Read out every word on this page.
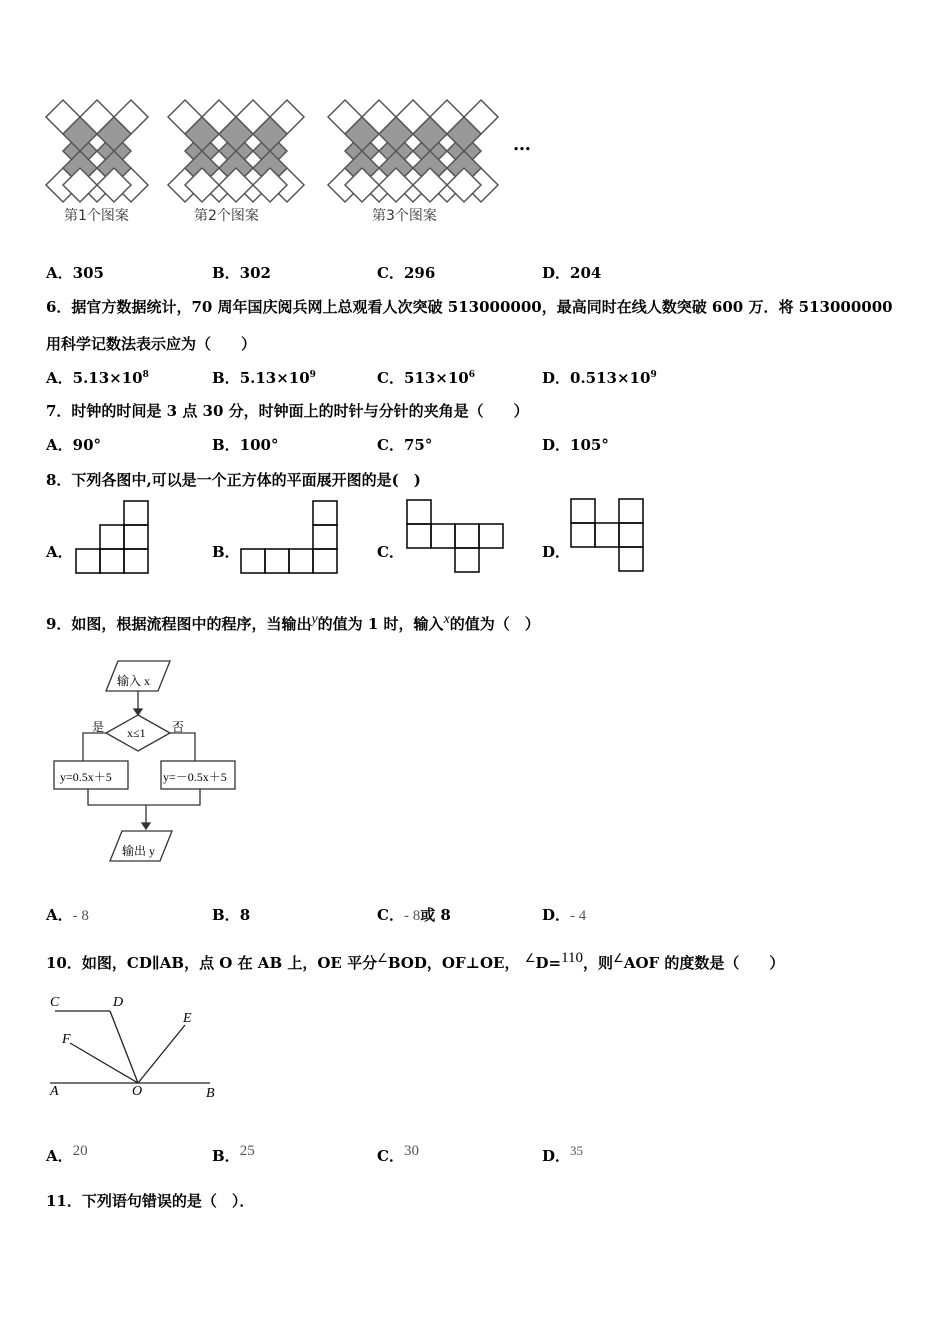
第1个图案	第2个图案	第3个图案
…
A．305	B．302	C．296	D．204
6．据官方数据统计，70 周年国庆阅兵网上总观看人次突破 513000000，最高同时在线人数突破 600 万．将 513000000
用科学记数法表示应为（　　）
A．$5.13\times 10^8$	B．$5.13\times 10^9$	C．$513\times 10^6$	D．$0.513\times 10^9$
7．时钟的时间是 3 点 30 分，时钟面上的时针与分针的夹角是（　　）
A．90°	B．100°	C．75°	D．105°
8．下列各图中,可以是一个正方体的平面展开图的是(　)
A．	B．	C．	D．
9．如图，根据流程图中的程序，当输出$^y$的值为 1 时，输入$^x$的值为（　）
输入 x
x≤1
是	否
y=0.5x＋5	y=－0.5x＋5
输出 y
A．- 8	B．8	C．- 8或 8	D．- 4
10．如图，CD∥AB，点 O 在 AB 上，OE 平分∠BOD，OF⊥OE， ∠D=$^{110}$，则∠AOF 的度数是（　　）
C	D
E
F
A	O	B
A．$^{20}$	B．$^{25}$	C．$^{30}$	D．$^{35}$
11．下列语句错误的是（　）．
